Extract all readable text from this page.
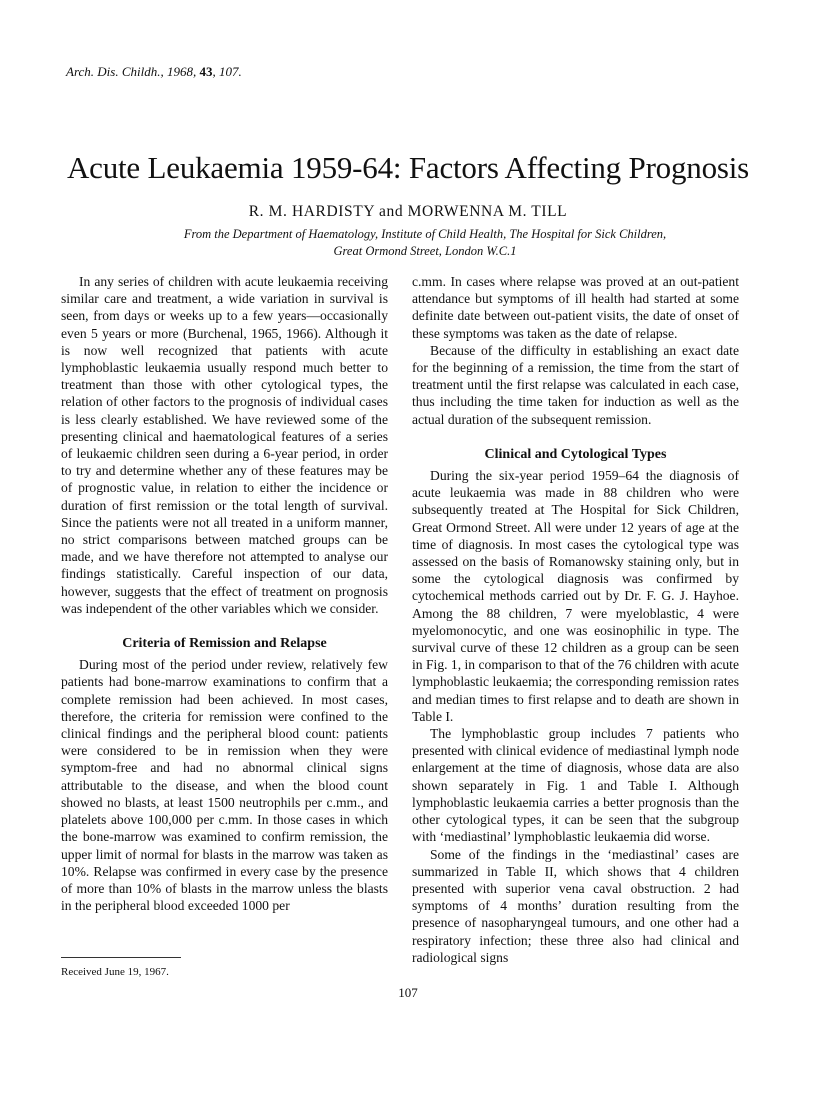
Arch. Dis. Childh., 1968, 43, 107.
Acute Leukaemia 1959-64: Factors Affecting Prognosis
R. M. HARDISTY and MORWENNA M. TILL
From the Department of Haematology, Institute of Child Health, The Hospital for Sick Children,
Great Ormond Street, London W.C.1

In any series of children with acute leukaemia receiving similar care and treatment, a wide variation in survival is seen, from days or weeks up to a few years—occasionally even 5 years or more (Burchenal, 1965, 1966). Although it is now well recognized that patients with acute lymphoblastic leukaemia usually respond much better to treatment than those with other cytological types, the relation of other factors to the prognosis of individual cases is less clearly established. We have reviewed some of the presenting clinical and haematological features of a series of leukaemic children seen during a 6-year period, in order to try and determine whether any of these features may be of prognostic value, in relation to either the incidence or duration of first remission or the total length of survival. Since the patients were not all treated in a uniform manner, no strict comparisons between matched groups can be made, and we have therefore not attempted to analyse our findings statistically. Careful inspection of our data, however, suggests that the effect of treatment on prognosis was independent of the other variables which we consider.

Criteria of Remission and Relapse

During most of the period under review, relatively few patients had bone-marrow examinations to confirm that a complete remission had been achieved. In most cases, therefore, the criteria for remission were confined to the clinical findings and the peripheral blood count: patients were considered to be in remission when they were symptom-free and had no abnormal clinical signs attributable to the disease, and when the blood count showed no blasts, at least 1500 neutrophils per c.mm., and platelets above 100,000 per c.mm. In those cases in which the bone-marrow was examined to confirm remission, the upper limit of normal for blasts in the marrow was taken as 10%. Relapse was confirmed in every case by the presence of more than 10% of blasts in the marrow unless the blasts in the peripheral blood exceeded 1000 per

c.mm. In cases where relapse was proved at an out-patient attendance but symptoms of ill health had started at some definite date between out-patient visits, the date of onset of these symptoms was taken as the date of relapse.

Because of the difficulty in establishing an exact date for the beginning of a remission, the time from the start of treatment until the first relapse was calculated in each case, thus including the time taken for induction as well as the actual duration of the subsequent remission.

Clinical and Cytological Types

During the six-year period 1959–64 the diagnosis of acute leukaemia was made in 88 children who were subsequently treated at The Hospital for Sick Children, Great Ormond Street. All were under 12 years of age at the time of diagnosis. In most cases the cytological type was assessed on the basis of Romanowsky staining only, but in some the cytological diagnosis was confirmed by cytochemical methods carried out by Dr. F. G. J. Hayhoe. Among the 88 children, 7 were myeloblastic, 4 were myelomonocytic, and one was eosinophilic in type. The survival curve of these 12 children as a group can be seen in Fig. 1, in comparison to that of the 76 children with acute lymphoblastic leukaemia; the corresponding remission rates and median times to first relapse and to death are shown in Table I.

The lymphoblastic group includes 7 patients who presented with clinical evidence of mediastinal lymph node enlargement at the time of diagnosis, whose data are also shown separately in Fig. 1 and Table I. Although lymphoblastic leukaemia carries a better prognosis than the other cytological types, it can be seen that the subgroup with ‘mediastinal’ lymphoblastic leukaemia did worse.

Some of the findings in the ‘mediastinal’ cases are summarized in Table II, which shows that 4 children presented with superior vena caval obstruction. 2 had symptoms of 4 months’ duration resulting from the presence of nasopharyngeal tumours, and one other had a respiratory infection; these three also had clinical and radiological signs

Received June 19, 1967.
107
